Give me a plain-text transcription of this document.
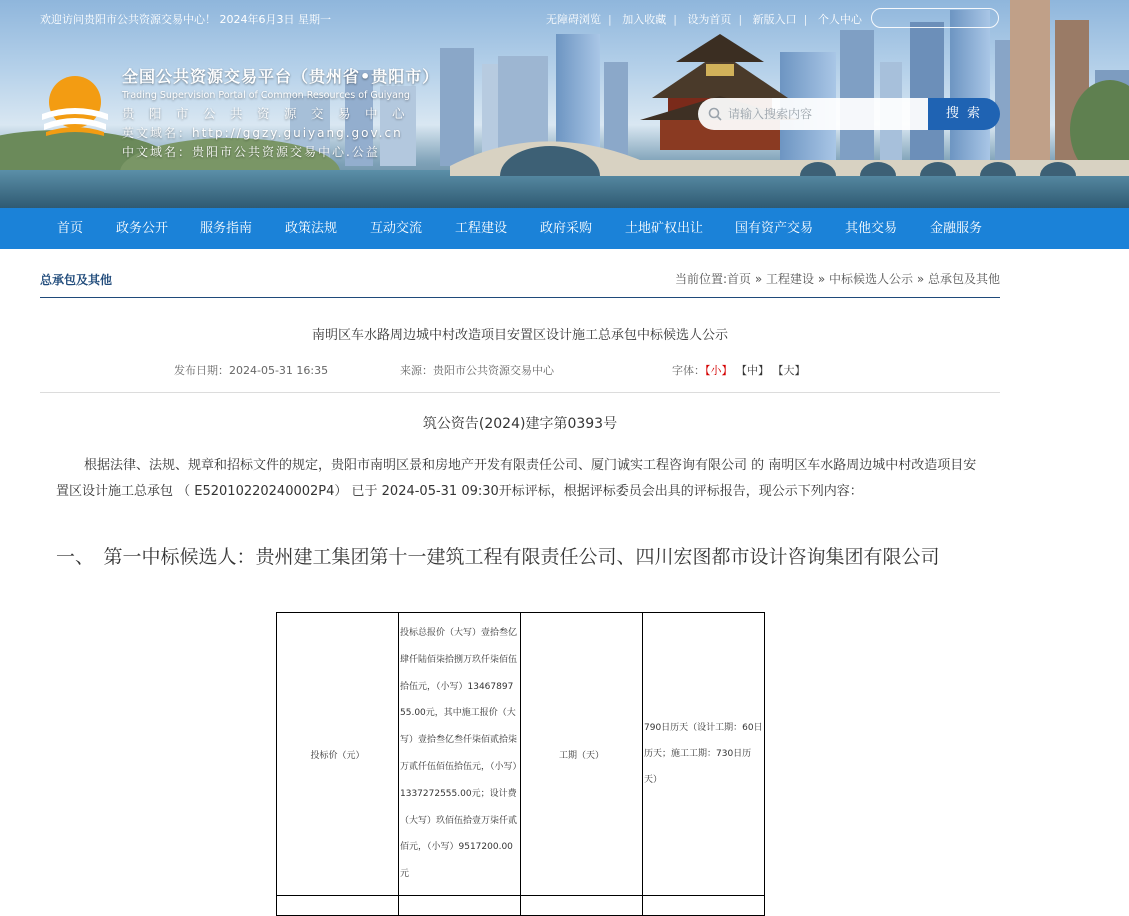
欢迎访问贵阳市公共资源交易中心！ 2024年6月3日 星期一	无障碍浏览 | 加入收藏 | 设为首页 | 新版入口 | 个人中心
全国公共资源交易平台（贵州省•贵阳市）
Trading Supervision Portal of Common Resources of Guiyang
贵阳市公共资源交易中心
英文域名：http://ggzy.guiyang.gov.cn
中文域名：贵阳市公共资源交易中心.公益
请输入搜索内容
搜 索
首页	政务公开 服务指南	政策法规	互动交流	工程建设	政府采购	土地矿权出让 国有资产交易 其他交易	金融服务
总承包及其他	当前位置:首页 » 工程建设 » 中标候选人公示 » 总承包及其他
南明区车水路周边城中村改造项目安置区设计施工总承包中标候选人公示
发布日期：2024-05-31 16:35	来源：贵阳市公共资源交易中心	字体：【小】 【中】 【大】
筑公资告(2024)建字第0393号
根据法律、法规、规章和招标文件的规定，贵阳市南明区景和房地产开发有限责任公司、厦门诚实工程咨询有限公司 的 南明区车水路周边城中村改造项目安置区设计施工总承包 （ E5201022024000​2P4） 已于 2024-05-31 09:30开标评标，根据评标委员会出具的评标报告，现公示下列内容：
一、　第一中标候选人：贵州建工集团第十一建筑工程有限责任公司、四川宏图都市设计咨询集团有限公司
投标价（元）	投标总报价（大写）壹拾叁亿肆仟陆佰柒拾捌万玖仟柒佰伍拾伍元，（小写）1346789755.00元，其中施工报价（大写）壹拾叁亿叁仟柒佰贰拾柒万贰仟伍佰伍拾伍元，（小写）1337272555.00元；设计费（大写）玖佰伍拾壹万柒仟贰佰元，（小写）9517200.00元	工期（天）	790日历天（设计工期：60日历天；施工工期：730日历天）
